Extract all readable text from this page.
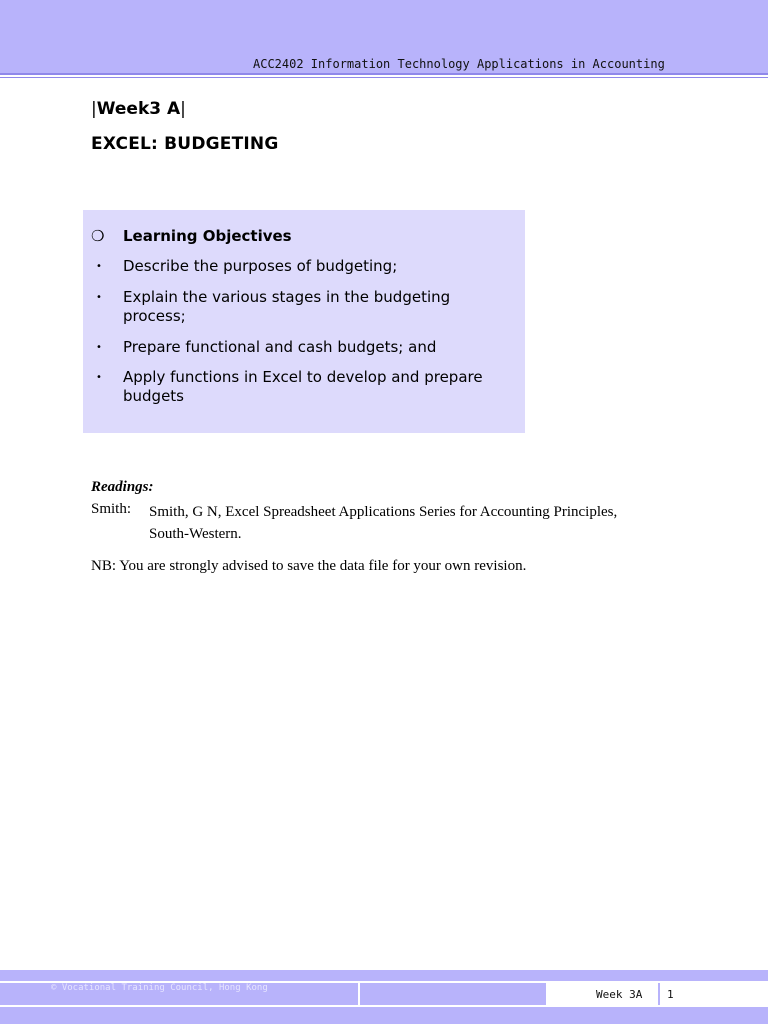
ACC2402 Information Technology Applications in Accounting
|Week3 A|
EXCEL: BUDGETING
❍ Learning Objectives
• Describe the purposes of budgeting;
• Explain the various stages in the budgeting process;
• Prepare functional and cash budgets; and
• Apply functions in Excel to develop and prepare budgets
Readings:
Smith: Smith, G N, Excel Spreadsheet Applications Series for Accounting Principles, South-Western.
NB: You are strongly advised to save the data file for your own revision.
© Vocational Training Council, Hong Kong	Week 3A 1
